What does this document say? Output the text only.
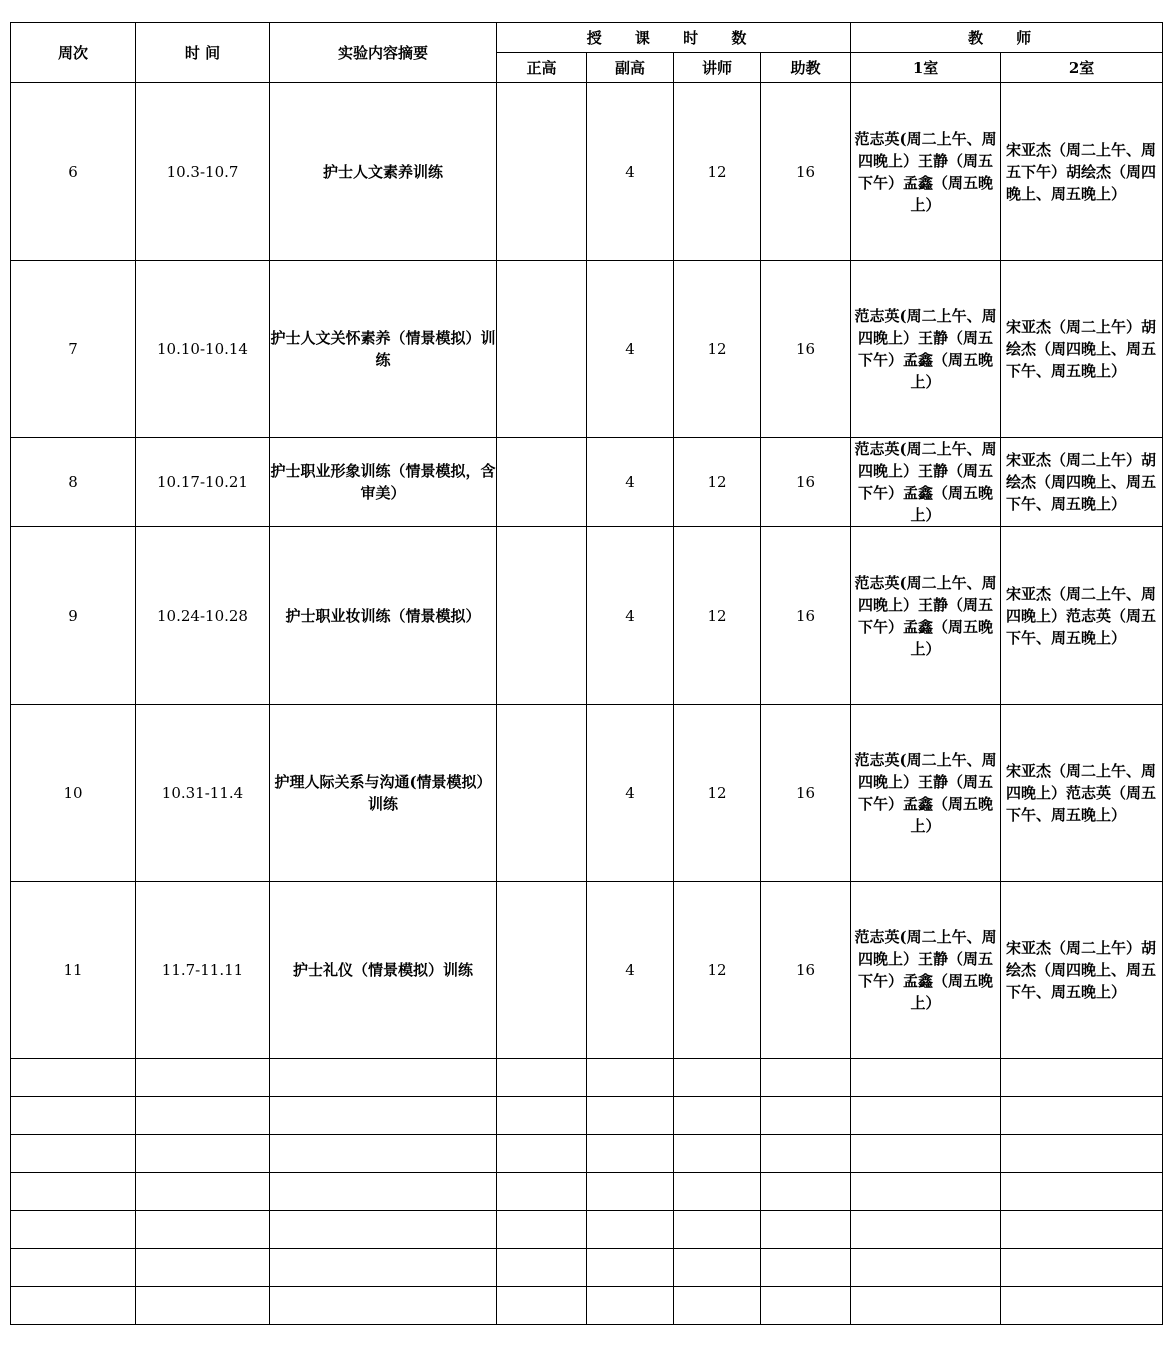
周次	时 间	实验内容摘要	授 课 时 数				教 师	
			正高	副高	讲师	助教	1室	2室
6	10.3-10.7	护士人文素养训练		4	12	16	范志英(周二上午、周四晚上）王静（周五下午）孟鑫（周五晚上）	宋亚杰（周二上午、周五下午）胡绘杰（周四晚上、周五晚上）
7	10.10-10.14	护士人文关怀素养（情景模拟）训练		4	12	16	范志英(周二上午、周四晚上）王静（周五下午）孟鑫（周五晚上）	宋亚杰（周二上午）胡绘杰（周四晚上、周五下午、周五晚上）
8	10.17-10.21	护士职业形象训练（情景模拟，含审美）		4	12	16	范志英(周二上午、周四晚上）王静（周五下午）孟鑫（周五晚上）	宋亚杰（周二上午）胡绘杰（周四晚上、周五下午、周五晚上）
9	10.24-10.28	护士职业妆训练（情景模拟）		4	12	16	范志英(周二上午、周四晚上）王静（周五下午）孟鑫（周五晚上）	宋亚杰（周二上午、周四晚上）范志英（周五下午、周五晚上）
10	10.31-11.4	护理人际关系与沟通(情景模拟）训练		4	12	16	范志英(周二上午、周四晚上）王静（周五下午）孟鑫（周五晚上）	宋亚杰（周二上午、周四晚上）范志英（周五下午、周五晚上）
11	11.7-11.11	护士礼仪（情景模拟）训练		4	12	16	范志英(周二上午、周四晚上）王静（周五下午）孟鑫（周五晚上）	宋亚杰（周二上午）胡绘杰（周四晚上、周五下午、周五晚上）
